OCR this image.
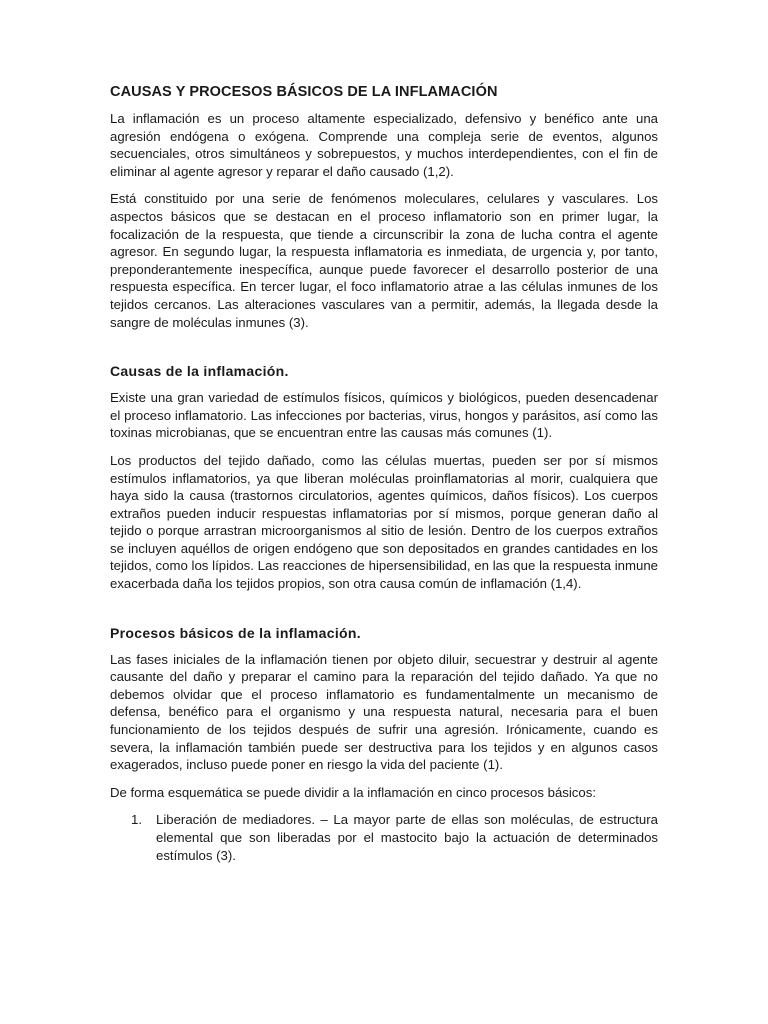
CAUSAS Y PROCESOS BÁSICOS DE LA INFLAMACIÓN

La inflamación es un proceso altamente especializado, defensivo y benéfico ante una agresión endógena o exógena. Comprende una compleja serie de eventos, algunos secuenciales, otros simultáneos y sobrepuestos, y muchos interdependientes, con el fin de eliminar al agente agresor y reparar el daño causado (1,2).

Está constituido por una serie de fenómenos moleculares, celulares y vasculares. Los aspectos básicos que se destacan en el proceso inflamatorio son en primer lugar, la focalización de la respuesta, que tiende a circunscribir la zona de lucha contra el agente agresor. En segundo lugar, la respuesta inflamatoria es inmediata, de urgencia y, por tanto, preponderantemente inespecífica, aunque puede favorecer el desarrollo posterior de una respuesta específica. En tercer lugar, el foco inflamatorio atrae a las células inmunes de los tejidos cercanos. Las alteraciones vasculares van a permitir, además, la llegada desde la sangre de moléculas inmunes (3).

Causas de la inflamación.

Existe una gran variedad de estímulos físicos, químicos y biológicos, pueden desencadenar el proceso inflamatorio. Las infecciones por bacterias, virus, hongos y parásitos, así como las toxinas microbianas, que se encuentran entre las causas más comunes (1).

Los productos del tejido dañado, como las células muertas, pueden ser por sí mismos estímulos inflamatorios, ya que liberan moléculas proinflamatorias al morir, cualquiera que haya sido la causa (trastornos circulatorios, agentes químicos, daños físicos). Los cuerpos extraños pueden inducir respuestas inflamatorias por sí mismos, porque generan daño al tejido o porque arrastran microorganismos al sitio de lesión. Dentro de los cuerpos extraños se incluyen aquéllos de origen endógeno que son depositados en grandes cantidades en los tejidos, como los lípidos. Las reacciones de hipersensibilidad, en las que la respuesta inmune exacerbada daña los tejidos propios, son otra causa común de inflamación (1,4).

Procesos básicos de la inflamación.

Las fases iniciales de la inflamación tienen por objeto diluir, secuestrar y destruir al agente causante del daño y preparar el camino para la reparación del tejido dañado. Ya que no debemos olvidar que el proceso inflamatorio es fundamentalmente un mecanismo de defensa, benéfico para el organismo y una respuesta natural, necesaria para el buen funcionamiento de los tejidos después de sufrir una agresión. Irónicamente, cuando es severa, la inflamación también puede ser destructiva para los tejidos y en algunos casos exagerados, incluso puede poner en riesgo la vida del paciente (1).

De forma esquemática se puede dividir a la inflamación en cinco procesos básicos:

1. Liberación de mediadores. – La mayor parte de ellas son moléculas, de estructura elemental que son liberadas por el mastocito bajo la actuación de determinados estímulos (3).
